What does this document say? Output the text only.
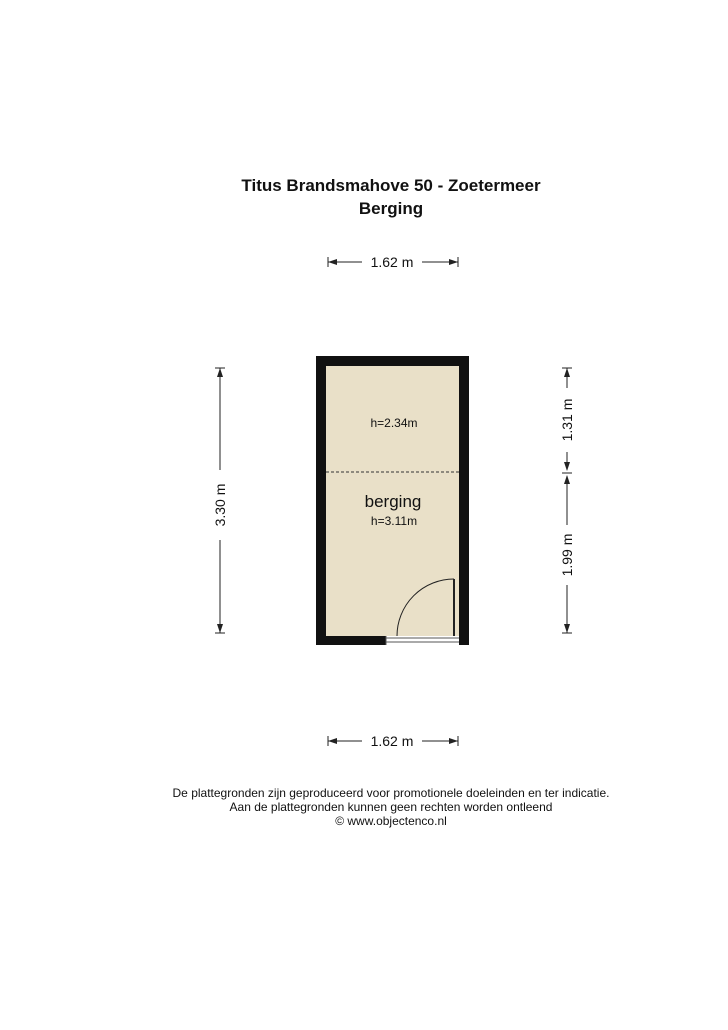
Titus Brandsmahove 50 - Zoetermeer
Berging
1.62 m
3.30 m
1.31 m
1.99 m
h=2.34m
berging
h=3.11m
1.62 m
De plattegronden zijn geproduceerd voor promotionele doeleinden en ter indicatie.
Aan de plattegronden kunnen geen rechten worden ontleend
© www.objectenco.nl
